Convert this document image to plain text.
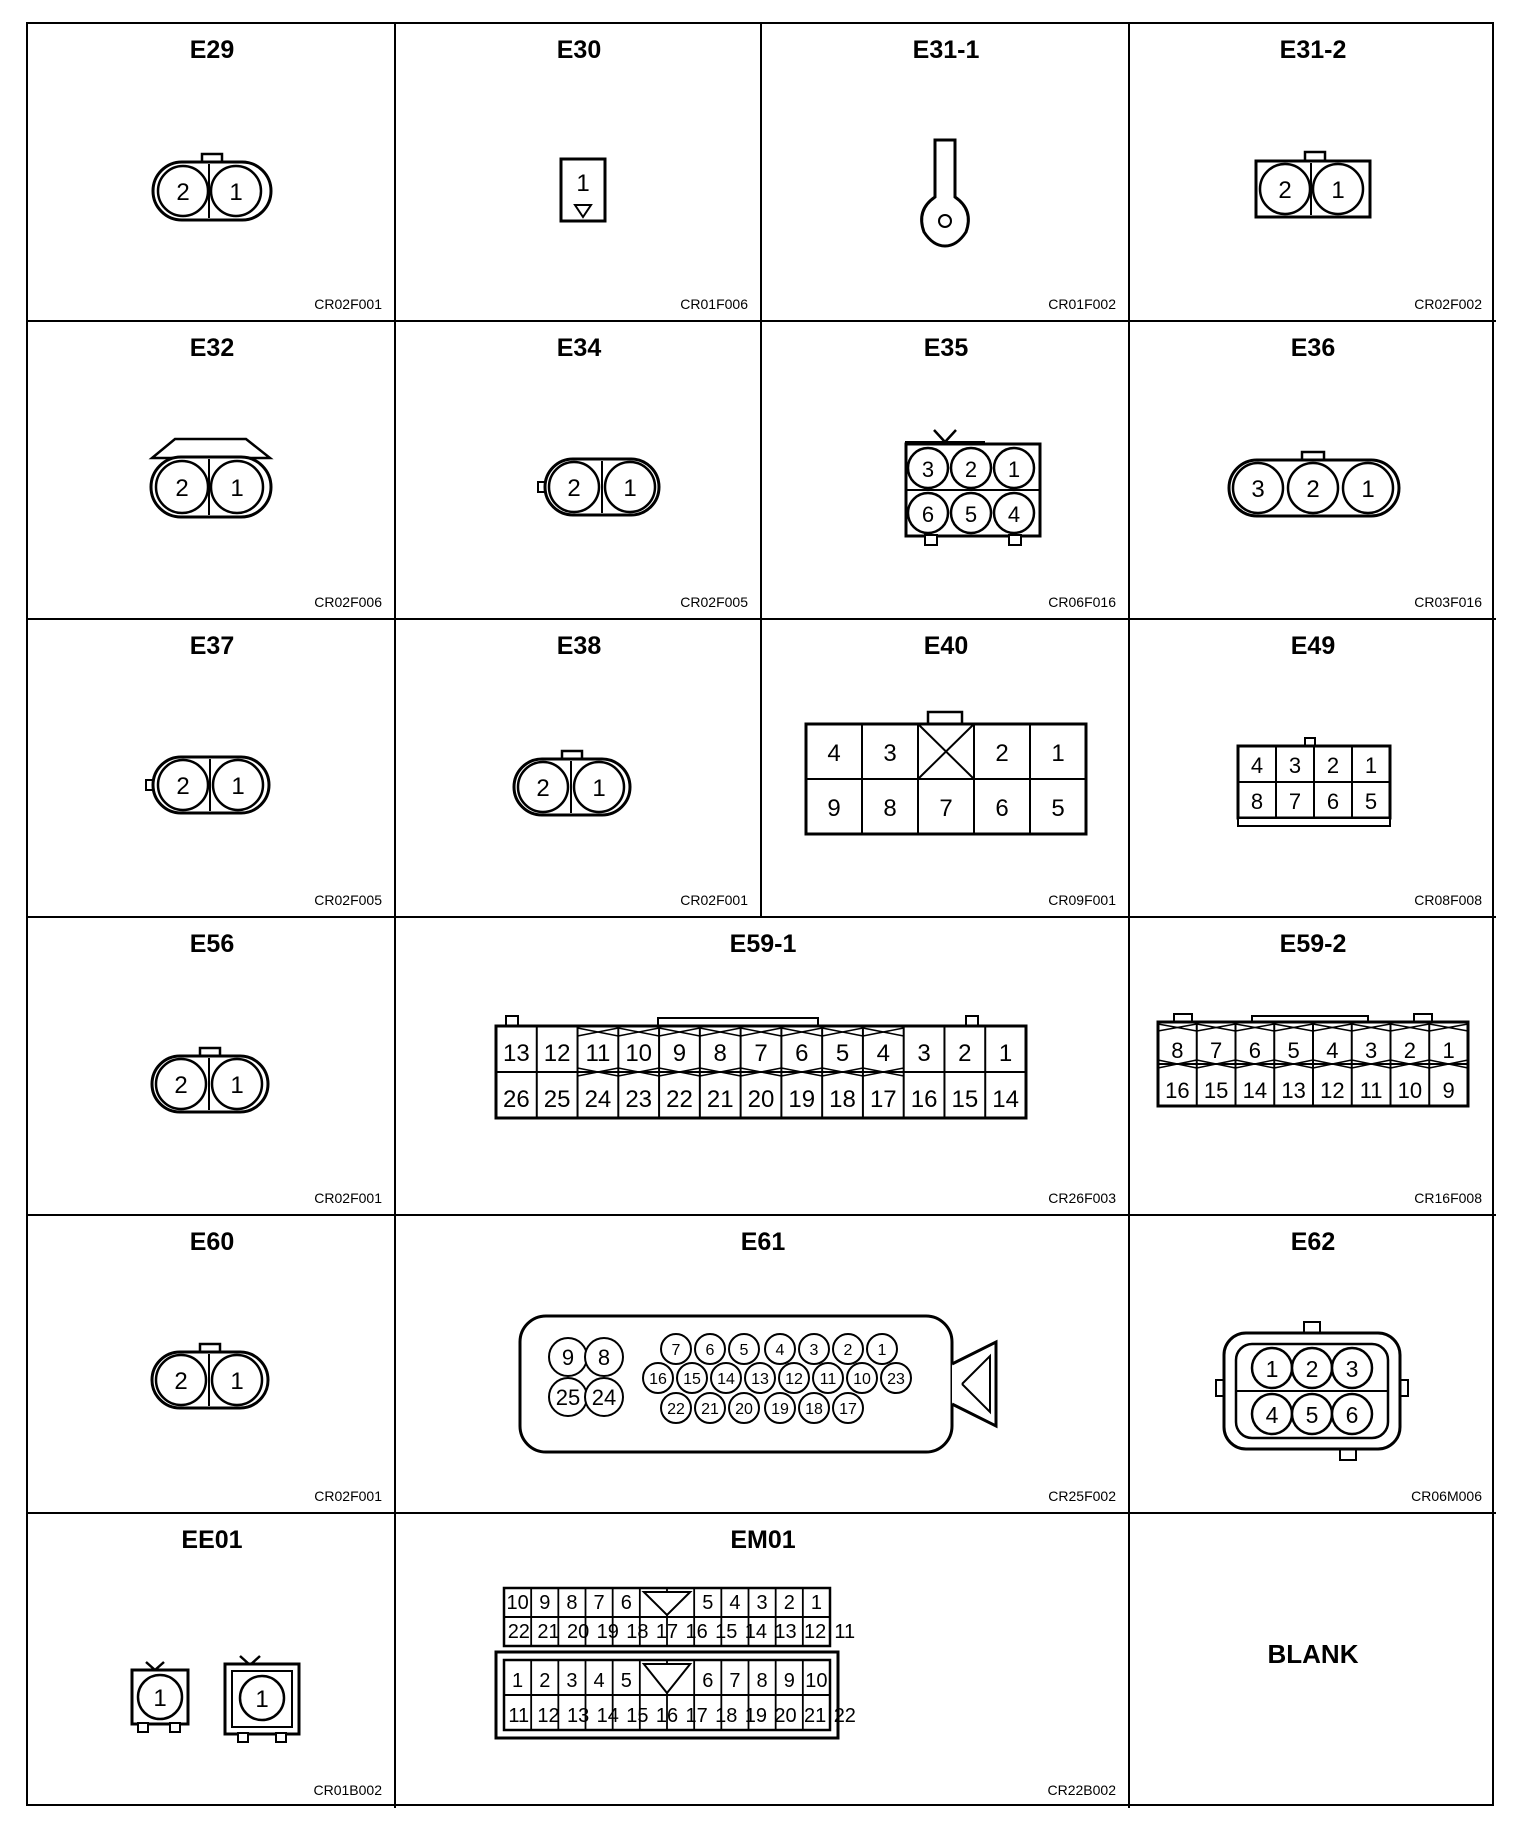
E29
2 1
CR02F001
E30
1
CR01F006
E31-1
CR01F002
E31-2
2 1
CR02F002
E32
2 1
CR02F006
E34
2 1
CR02F005
E35
3 2 1
6 5 4
CR06F016
E36
3 2 1
CR03F016
E37
2 1
CR02F005
E38
2 1
CR02F001
E40
4 3	2 1
9 8 7 6 5
CR09F001
E49
4 3 2 1
8 7 6 5
CR08F008
E56
2 1
CR02F001
E59-1
13 12 11 10 9 8 7 6 5 4 3 2 1
26 25 24 23 22 21 20 19 18 17 16 15 14
CR26F003
E59-2
8 7 6 5 4 3 2 1
16 15 14 13 12 11 10 9
CR16F008
E60
2 1
CR02F001
E61
9 8
25 24
7 6 5 4 3 2 1
16 15 14 13 12 11 10 23
22 21 20 19 18 17
CR25F002
E62
1 2 3
4 5 6
CR06M006
EE01
1	1
CR01B002
EM01
10 9 8 7 6	5 4 3 2 1
22 21 20 19 18 17 16 15 14 13 12 11
1 2 3 4 5	6 7 8 9 10
11 12 13 14 15 16 17 18 19 20 21 22
CR22B002
BLANK
